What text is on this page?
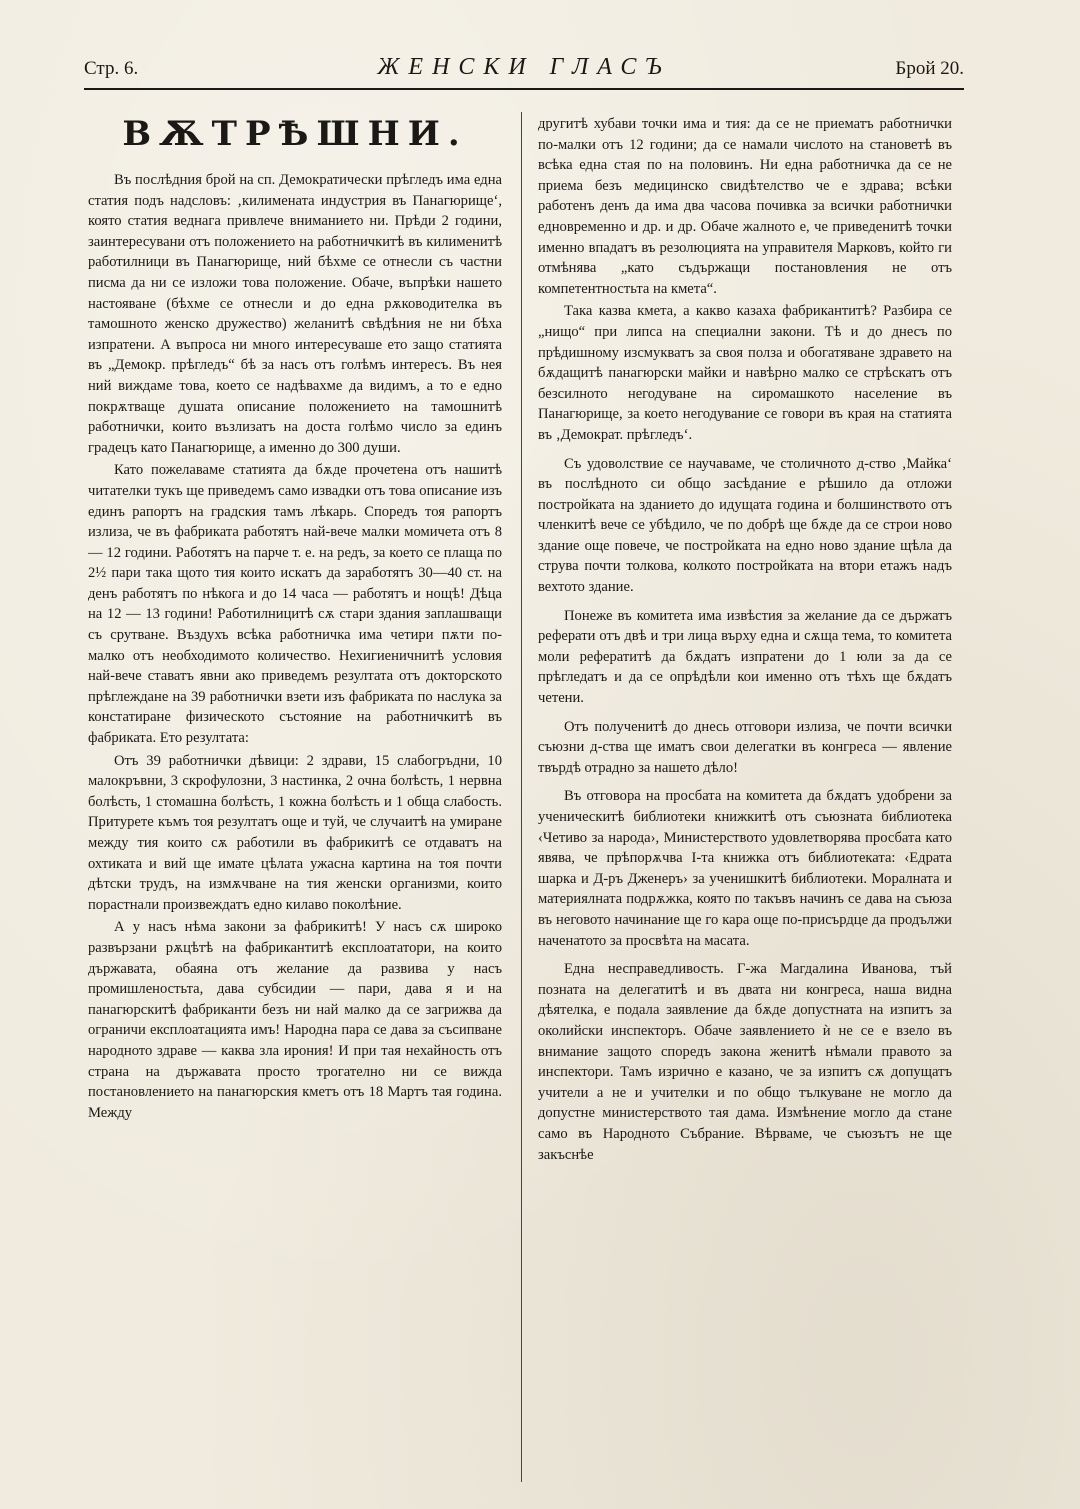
Стр. 6.	ЖЕНСКИ ГЛАСЪ	Брой 20.
ВѪТРѢШНИ.

Въ послѣдния брой на сп. Демократически прѣгледъ има една статия подъ надсловъ: ‚килимената индустрия въ Панагюрище‘, която статия веднага привлече вниманието ни. Прѣди 2 години, заинтересувани отъ положението на работничкитѣ въ килименитѣ работилници въ Панагюрище, ний бѣхме се отнесли съ частни писма да ни се изложи това положение. Обаче, въпрѣки нашето настояване (бѣхме се отнесли и до една рѫководителка въ тамошното женско дружество) желанитѣ свѣдѣния не ни бѣха изпратени. А въпроса ни много интересуваше ето защо статията въ „Демокр. прѣгледъ“ бѣ за насъ отъ голѣмъ интересъ. Въ нея ний виждаме това, което се надѣвахме да видимъ, а то е едно покрѫтваще душата описание положението на тамошнитѣ работнички, които възлизатъ на доста голѣмо число за единъ градецъ като Панагюрище, а именно до 300 души.

Като пожелаваме статията да бѫде прочетена отъ нашитѣ читателки тукъ ще приведемъ само извадки отъ това описание изъ единъ рапортъ на градския тамъ лѣкарь. Споредъ тоя рапортъ излиза, че въ фабриката работятъ най-вече малки момичета отъ 8 — 12 години. Работятъ на парче т. е. на редъ, за което се плаща по 2½ пари така щото тия които искатъ да заработятъ 30—40 ст. на денъ работятъ по нѣкога и до 14 часа — работятъ и нощѣ! Дѣца на 12 — 13 години! Работилницитѣ сѫ стари здания заплашващи съ срутване. Въздухъ всѣка работничка има четири пѫти по-малко отъ необходимото количество. Нехигиеничнитѣ условия най-вече ставатъ явни ако приведемъ резултата отъ докторското прѣглеждане на 39 работнички взети изъ фабриката по наслука за констатиране физическото състояние на работничкитѣ въ фабриката. Ето резултата:

Отъ 39 работнички дѣвици: 2 здрави, 15 слабогръдни, 10 малокръвни, 3 скрофулозни, 3 настинка, 2 очна болѣсть, 1 нервна болѣсть, 1 стомашна болѣсть, 1 кожна болѣсть и 1 обща слабость. Притурете къмъ тоя резултатъ още и туй, че случаитѣ на умиране между тия които сѫ работили въ фабрикитѣ се отдаватъ на охтиката и вий ще имате цѣлата ужасна картина на тоя почти дѣтски трудъ, на измѫчване на тия женски организми, които порастнали произвеждатъ едно килаво поколѣние.

А у насъ нѣма закони за фабрикитѣ! У насъ сѫ широко развързани рѫцѣтѣ на фабрикантитѣ експлоататори, на които държавата, обаяна отъ желание да развива у насъ промишленостьта, дава субсидии — пари, дава я и на панагюрскитѣ фабриканти безъ ни най малко да се загрижва да ограничи експлоатацията имъ! Народна пара се дава за съсипване народното здраве — каква зла ирония! И при тая нехайность отъ страна на държавата просто трогателно ни се вижда постановлението на панагюрския кметъ отъ 18 Мартъ тая година. Между

другитѣ хубави точки има и тия: да се не приематъ работнички по-малки отъ 12 години; да се намали числото на становетѣ въ всѣка една стая по на половинъ. Ни една работничка да се не приема безъ медицинско свидѣтелство че е здрава; всѣки работенъ денъ да има два часова почивка за всички работнички едновременно и др. и др. Обаче жалното е, че приведенитѣ точки именно впадатъ въ резолюцията на управителя Марковъ, който ги отмѣнява „като съдържащи постановления не отъ компетентностьта на кмета“.

Така казва кмета, а какво казаха фабрикантитѣ? Разбира се „нищо“ при липса на специални закони. Тѣ и до днесъ по прѣдишному изсмукватъ за своя полза и обогатяване здравето на бѫдащитѣ панагюрски майки и навѣрно малко се стрѣскатъ отъ безсилното негодуване на сиромашкото население въ Панагюрище, за което негодувание се говори въ края на статията въ ‚Демократ. прѣгледъ‘.

Съ удоволствие се научаваме, че столичното д-ство ‚Майка‘ въ послѣдното си общо засѣдание е рѣшило да отложи постройката на зданието до идущата година и болшинството отъ членкитѣ вече се убѣдило, че по добрѣ ще бѫде да се строи ново здание още повече, че постройката на едно ново здание щѣла да струва почти толкова, колкото постройката на втори етажъ надъ вехтото здание.

Понеже въ комитета има извѣстия за желание да се държатъ реферати отъ двѣ и три лица върху една и сѫща тема, то комитета моли рефератитѣ да бѫдатъ изпратени до 1 юли за да се прѣгледатъ и да се опрѣдѣли кои именно отъ тѣхъ ще бѫдатъ четени.

Отъ полученитѣ до днесь отговори излиза, че почти всички съюзни д-ства ще иматъ свои делегатки въ конгреса — явление твърдѣ отрадно за нашето дѣло!

Въ отговора на просбата на комитета да бѫдатъ удобрени за ученическитѣ библиотеки книжкитѣ отъ съюзната библиотека ‹Четиво за народа›, Министерството удовлетворява просбата като явява, че прѣпорѫчва I-та книжка отъ библиотеката: ‹Едрата шарка и Д-ръ Дженеръ› за ученишкитѣ библиотеки. Моралната и материялната подрѫжка, която по такъвъ начинъ се дава на съюза въ неговото начинание ще го кара още по-присърдце да продължи наченатото за просвѣта на масата.

Една несправедливость. Г-жа Магдалина Иванова, тъй позната на делегатитѣ и въ двата ни конгреса, наша видна дѣятелка, е подала заявление да бѫде допустната на изпитъ за околийски инспекторъ. Обаче заявлението ѝ не се е взело въ внимание защото споредъ закона женитѣ нѣмали правото за инспектори. Тамъ изрично е казано, че за изпитъ сѫ допущатъ учители а не и учителки и по общо тълкуване не могло да допустне министерството тая дама. Измѣнение могло да стане само въ Народното Събрание. Вѣрваме, че съюзътъ не ще закъснѣе
